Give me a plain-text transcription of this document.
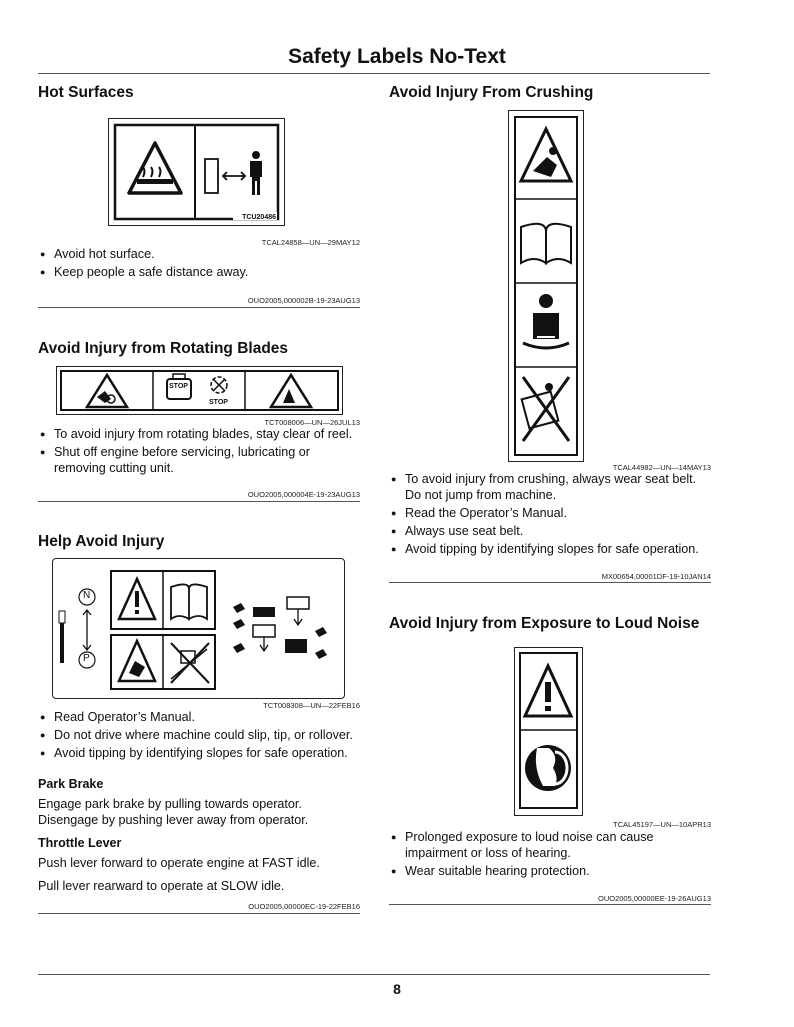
Safety Labels No-Text
Hot Surfaces
TCU20486
TCAL24858—UN—29MAY12
● Avoid hot surface.
● Keep people a safe distance away.
OUO2005,000002B-19-23AUG13
Avoid Injury from Rotating Blades
STOP
STOP
TCT008006—UN—26JUL13
● To avoid injury from rotating blades, stay clear of reel.
● Shut off engine before servicing, lubricating or removing cutting unit.
OUO2005,000004E-19-23AUG13
Help Avoid Injury
N
P
TCT008308—UN—22FEB16
● Read Operator’s Manual.
● Do not drive where machine could slip, tip, or rollover.
● Avoid tipping by identifying slopes for safe operation.
Park Brake
Engage park brake by pulling towards operator. Disengage by pushing lever away from operator.
Throttle Lever
Push lever forward to operate engine at FAST idle.
Pull lever rearward to operate at SLOW idle.
OUO2005,00000EC-19-22FEB16
Avoid Injury From Crushing
TCAL44982—UN—14MAY13
● To avoid injury from crushing, always wear seat belt. Do not jump from machine.
● Read the Operator’s Manual.
● Always use seat belt.
● Avoid tipping by identifying slopes for safe operation.
MX00654,00001DF-19-10JAN14
Avoid Injury from Exposure to Loud Noise
TCAL45197—UN—10APR13
● Prolonged exposure to loud noise can cause impairment or loss of hearing.
● Wear suitable hearing protection.
OUO2005,00000EE-19-26AUG13
8
